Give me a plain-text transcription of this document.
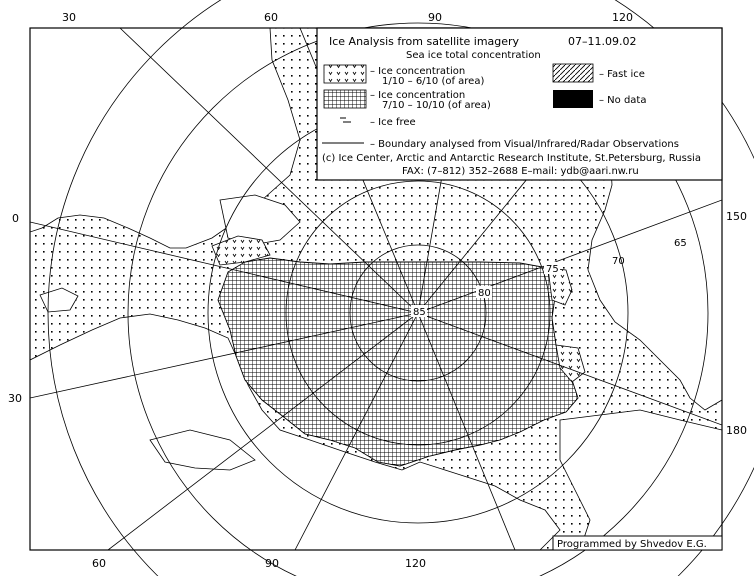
85
80
75
70
65
30	60	90	120
60	90	120
0
30
150
180
Ice Analysis from satellite imagery	07–11.09.02
Sea ice total concentration
– Ice concentration
1/10 – 6/10 (of area)
– Ice concentration
7/10 – 10/10 (of area)
– Ice free
– Fast ice
– No data
– Boundary analysed from Visual/Infrared/Radar Observations
(c) Ice Center, Arctic and Antarctic Research Institute, St.Petersburg, Russia
FAX: (7–812) 352–2688 E–mail: ydb@aari.nw.ru
Programmed by Shvedov E.G.
